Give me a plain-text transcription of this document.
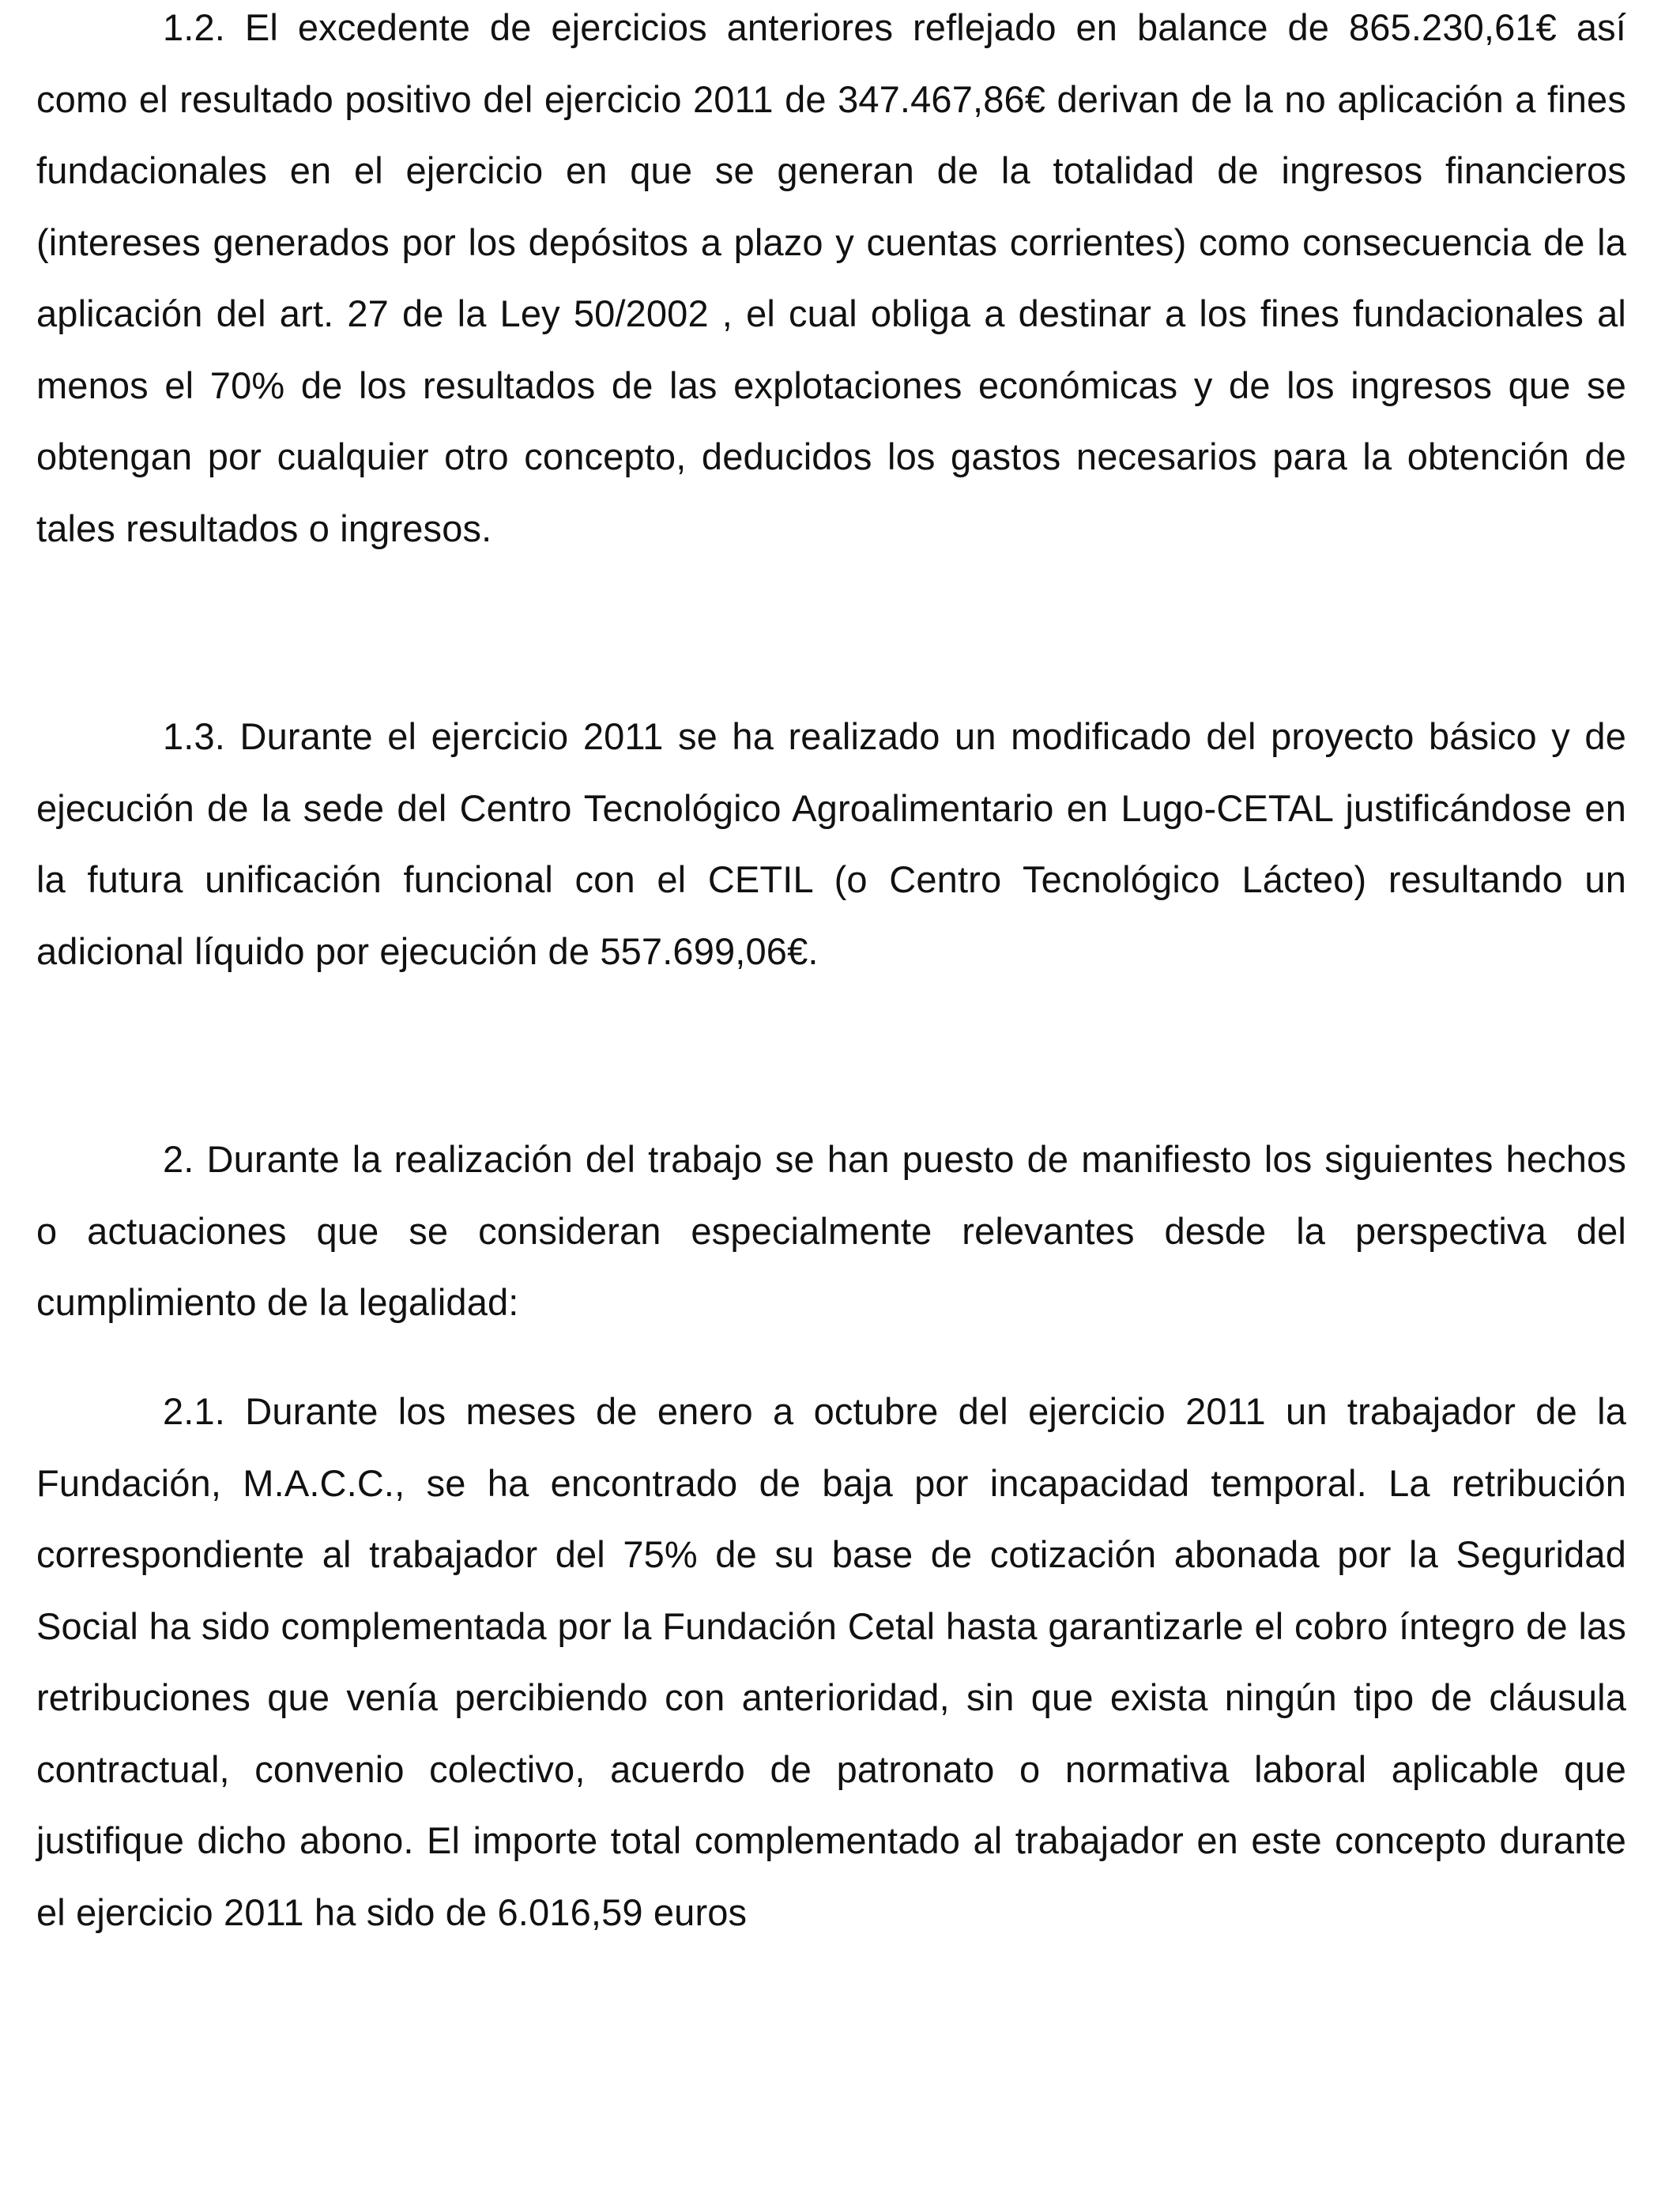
1.2. El excedente de ejercicios anteriores reflejado en balance de 865.230,61€ así como el resultado positivo del ejercicio 2011 de 347.467,86€ derivan de la no aplicación a fines fundacionales en el ejercicio en que se generan de la totalidad de ingresos financieros (intereses generados por los depósitos a plazo y cuentas corrientes) como consecuencia de la aplicación del art. 27 de la Ley 50/2002 , el cual obliga a destinar a los fines fundacionales al menos el 70% de los resultados de las explotaciones económicas y de los ingresos que se obtengan por cualquier otro concepto, deducidos los gastos necesarios para la obtención de tales resultados o ingresos.

1.3. Durante el ejercicio 2011 se ha realizado un modificado del proyecto básico y de ejecución de la sede del Centro Tecnológico Agroalimentario en Lugo-CETAL justificándose en la futura unificación funcional con el CETIL (o Centro Tecnológico Lácteo) resultando un adicional líquido por ejecución de 557.699,06€.

2. Durante la realización del trabajo se han puesto de manifiesto los siguientes hechos o actuaciones que se consideran especialmente relevantes desde la perspectiva del cumplimiento de la legalidad:

2.1. Durante los meses de enero a octubre del ejercicio 2011 un trabajador de la Fundación, M.A.C.C., se ha encontrado de baja por incapacidad temporal. La retribución correspondiente al trabajador del 75% de su base de cotización abonada por la Seguridad Social ha sido complementada por la Fundación Cetal hasta garantizarle el cobro íntegro de las retribuciones que venía percibiendo con anterioridad, sin que exista ningún tipo de cláusula contractual, convenio colectivo, acuerdo de patronato o normativa laboral aplicable que justifique dicho abono. El importe total complementado al trabajador en este concepto durante el ejercicio 2011 ha sido de 6.016,59 euros
